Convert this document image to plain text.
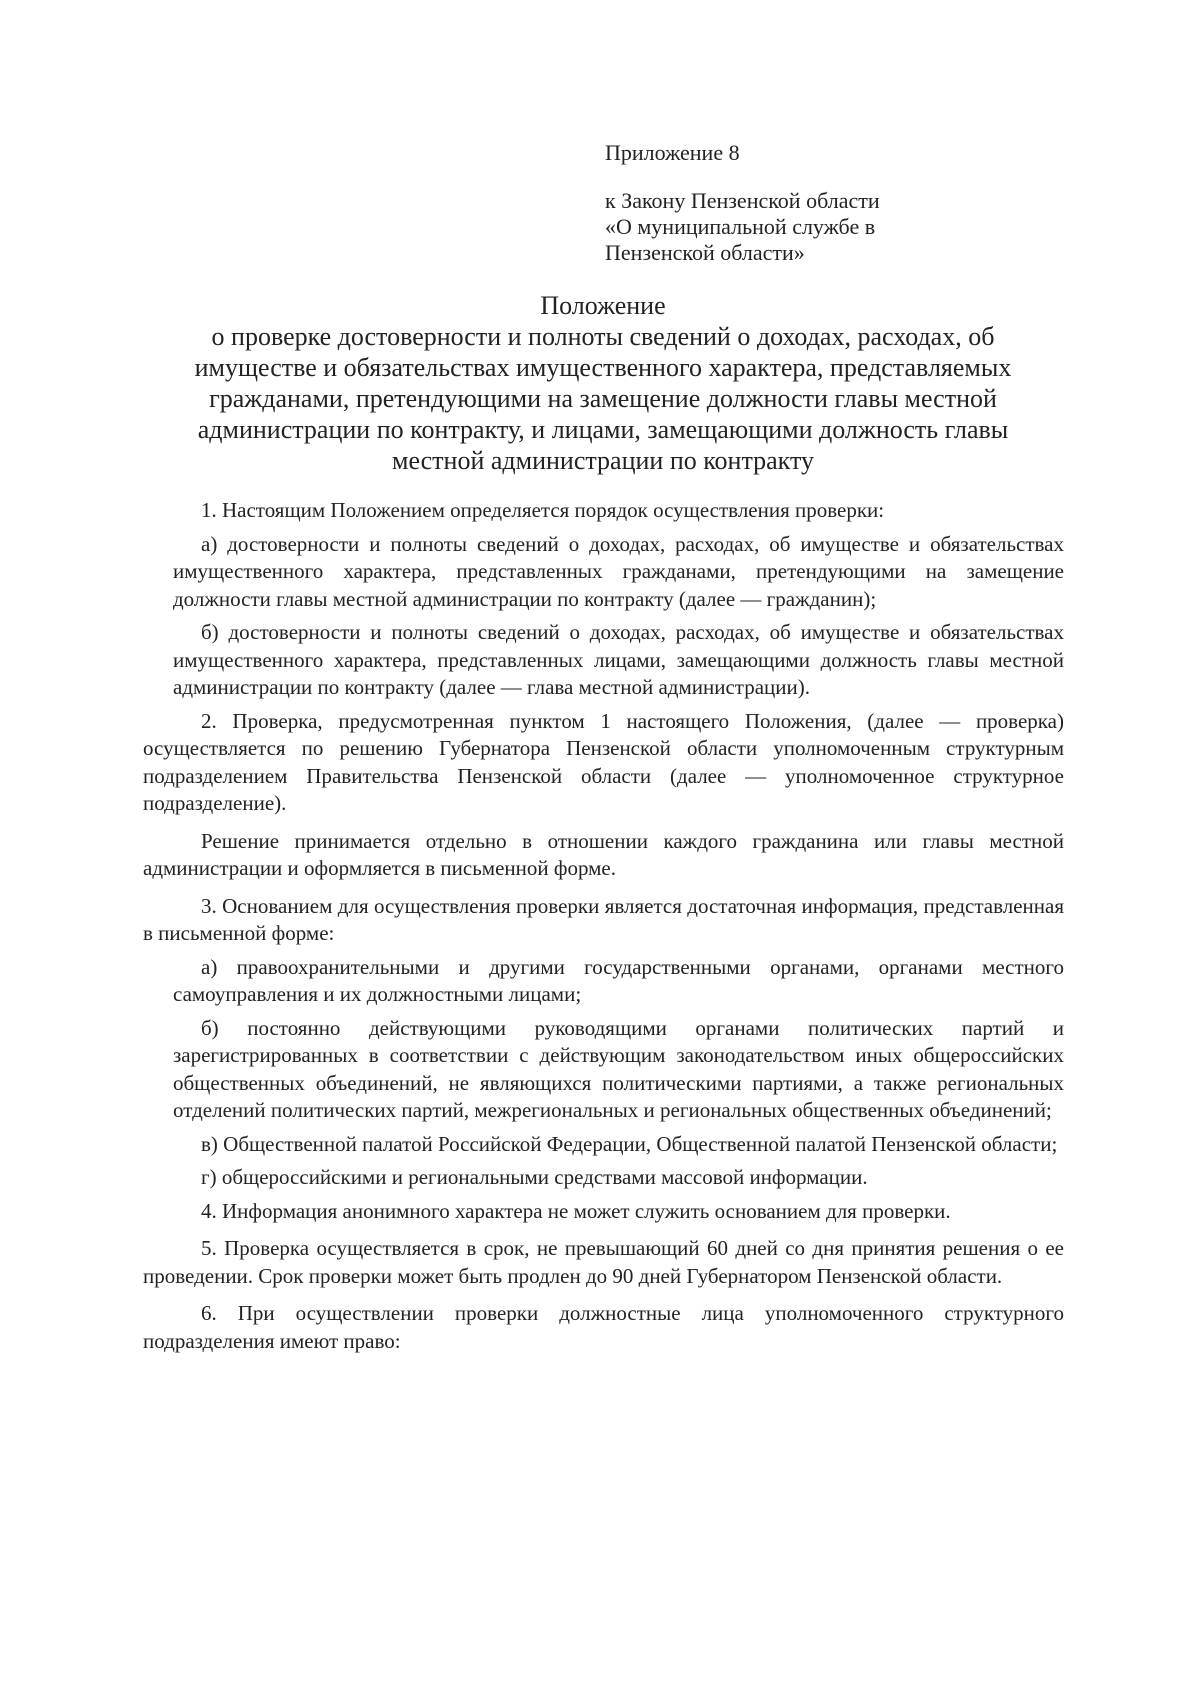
Приложение 8

к Закону Пензенской области
«О муниципальной службе в
Пензенской области»

Положение

о проверке достоверности и полноты сведений о доходах, расходах, об
имуществе и обязательствах имущественного характера, представляемых
гражданами, претендующими на замещение должности главы местной
администрации по контракту, и лицами, замещающими должность главы
местной администрации по контракту

1. Настоящим Положением определяется порядок осуществления проверки:

а) достоверности и полноты сведений о доходах, расходах, об имуществе и обязательствах имущественного характера, представленных гражданами, претендующими на замещение должности главы местной администрации по контракту (далее — гражданин);

б) достоверности и полноты сведений о доходах, расходах, об имуществе и обязательствах имущественного характера, представленных лицами, замещающими должность главы местной администрации по контракту (далее — глава местной администрации).

2. Проверка, предусмотренная пунктом 1 настоящего Положения, (далее — проверка) осуществляется по решению Губернатора Пензенской области уполномоченным структурным подразделением Правительства Пензенской области (далее — уполномоченное структурное подразделение).

Решение принимается отдельно в отношении каждого гражданина или главы местной администрации и оформляется в письменной форме.

3. Основанием для осуществления проверки является достаточная информация, представленная в письменной форме:

а) правоохранительными и другими государственными органами, органами местного самоуправления и их должностными лицами;

б) постоянно действующими руководящими органами политических партий и зарегистрированных в соответствии с действующим законодательством иных общероссийских общественных объединений, не являющихся политическими партиями, а также региональных отделений политических партий, межрегиональных и региональных общественных объединений;

в) Общественной палатой Российской Федерации, Общественной палатой Пензенской области;

г) общероссийскими и региональными средствами массовой информации.

4. Информация анонимного характера не может служить основанием для проверки.

5. Проверка осуществляется в срок, не превышающий 60 дней со дня принятия решения о ее проведении. Срок проверки может быть продлен до 90 дней Губернатором Пензенской области.

6. При осуществлении проверки должностные лица уполномоченного структурного подразделения имеют право:
